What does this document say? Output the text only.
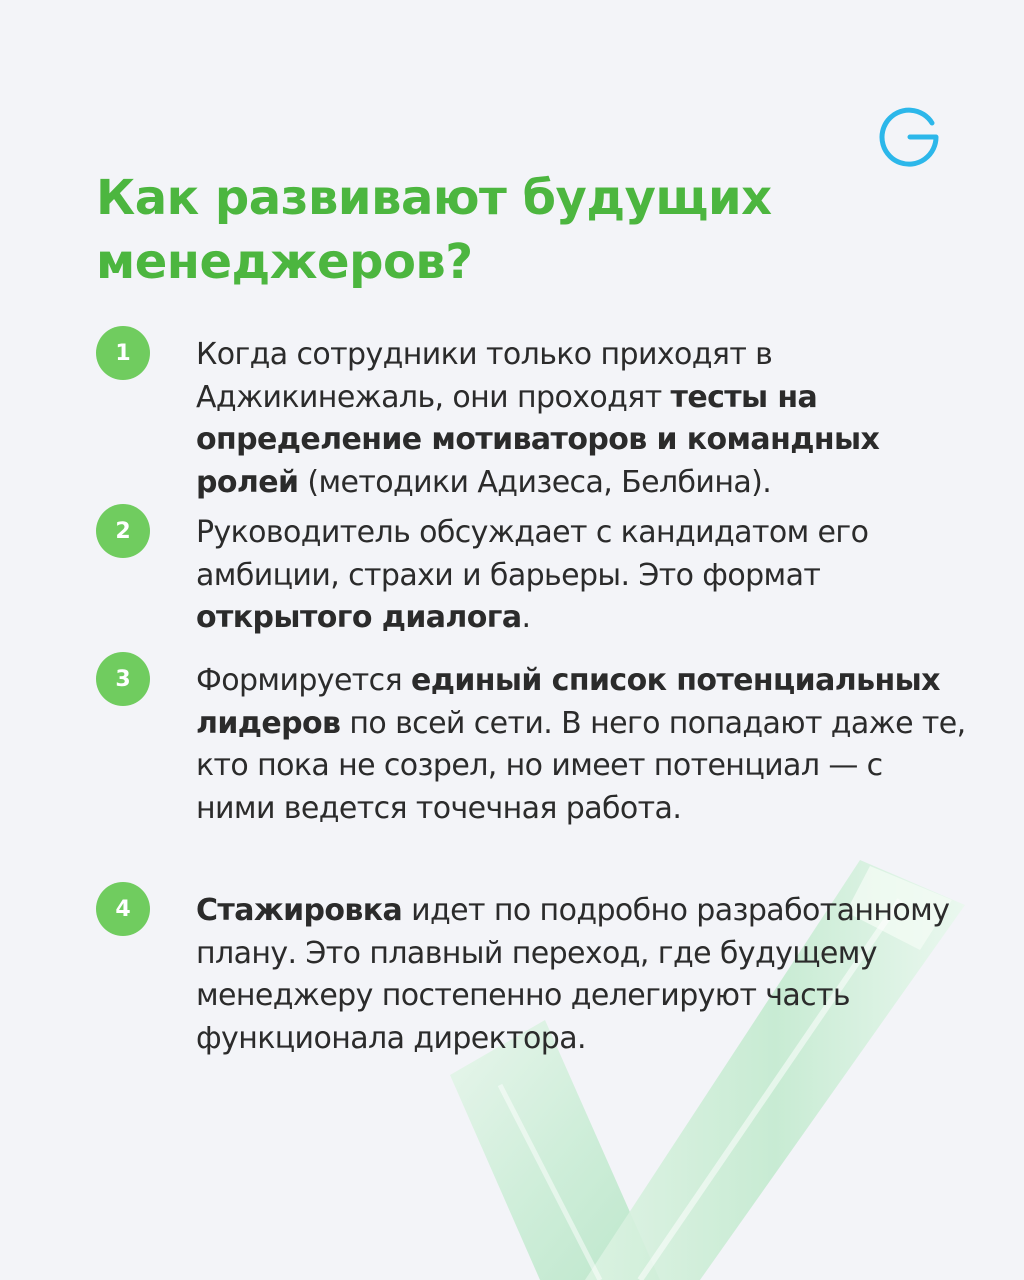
Как развивают будущих менеджеров?
1	Когда сотрудники только приходят в Аджикинежаль, они проходят тесты на определение мотиваторов и командных ролей (методики Адизеса, Белбина).

2	Руководитель обсуждает с кандидатом его амбиции, страхи и барьеры. Это формат открытого диалога.

3	Формируется единый список потенциальных лидеров по всей сети. В него попадают даже те, кто пока не созрел, но имеет потенциал — с ними ведется точечная работа.

4	Стажировка идет по подробно разработанному плану. Это плавный переход, где будущему менеджеру постепенно делегируют часть функционала директора.
